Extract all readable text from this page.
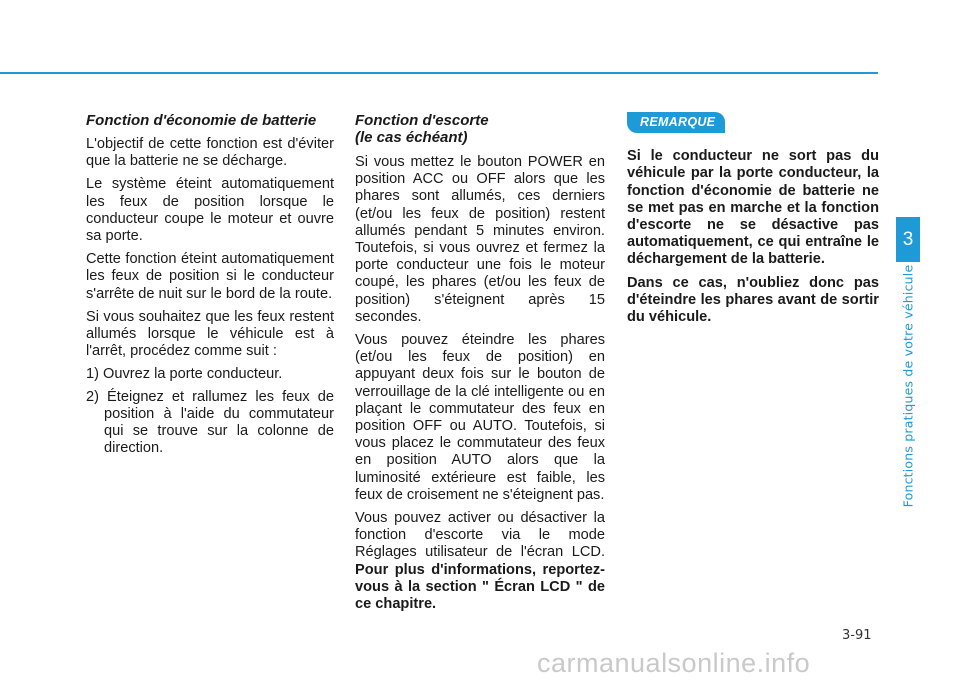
3
Fonctions pratiques de votre véhicule
Fonction d'économie de batterie

L'objectif de cette fonction est d'éviter que la batterie ne se décharge.

Le système éteint automatiquement les feux de position lorsque le conducteur coupe le moteur et ouvre sa porte.

Cette fonction éteint automatiquement les feux de position si le conducteur s'arrête de nuit sur le bord de la route.

Si vous souhaitez que les feux restent allumés lorsque le véhicule est à l'arrêt, procédez comme suit :

1) Ouvrez la porte conducteur.
2) Éteignez et rallumez les feux de position à l'aide du commutateur qui se trouve sur la colonne de direction.
Fonction d'escorte
(le cas échéant)

Si vous mettez le bouton POWER en position ACC ou OFF alors que les phares sont allumés, ces derniers (et/ou les feux de position) restent allumés pendant 5 minutes environ. Toutefois, si vous ouvrez et fermez la porte conducteur une fois le moteur coupé, les phares (et/ou les feux de position) s'éteignent après 15 secondes.

Vous pouvez éteindre les phares (et/ou les feux de position) en appuyant deux fois sur le bouton de verrouillage de la clé intelligente ou en plaçant le commutateur des feux en position OFF ou AUTO. Toutefois, si vous placez le commutateur des feux en position AUTO alors que la luminosité extérieure est faible, les feux de croisement ne s'éteignent pas.

Vous pouvez activer ou désactiver la fonction d'escorte via le mode Réglages utilisateur de l'écran LCD. Pour plus d'informations, reportez-vous à la section " Écran LCD " de ce chapitre.

REMARQUE

Si le conducteur ne sort pas du véhicule par la porte conducteur, la fonction d'économie de batterie ne se met pas en marche et la fonction d'escorte ne se désactive pas automatiquement, ce qui entraîne le déchargement de la batterie.

Dans ce cas, n'oubliez donc pas d'éteindre les phares avant de sortir du véhicule.

3-91
carmanualsonline.info
